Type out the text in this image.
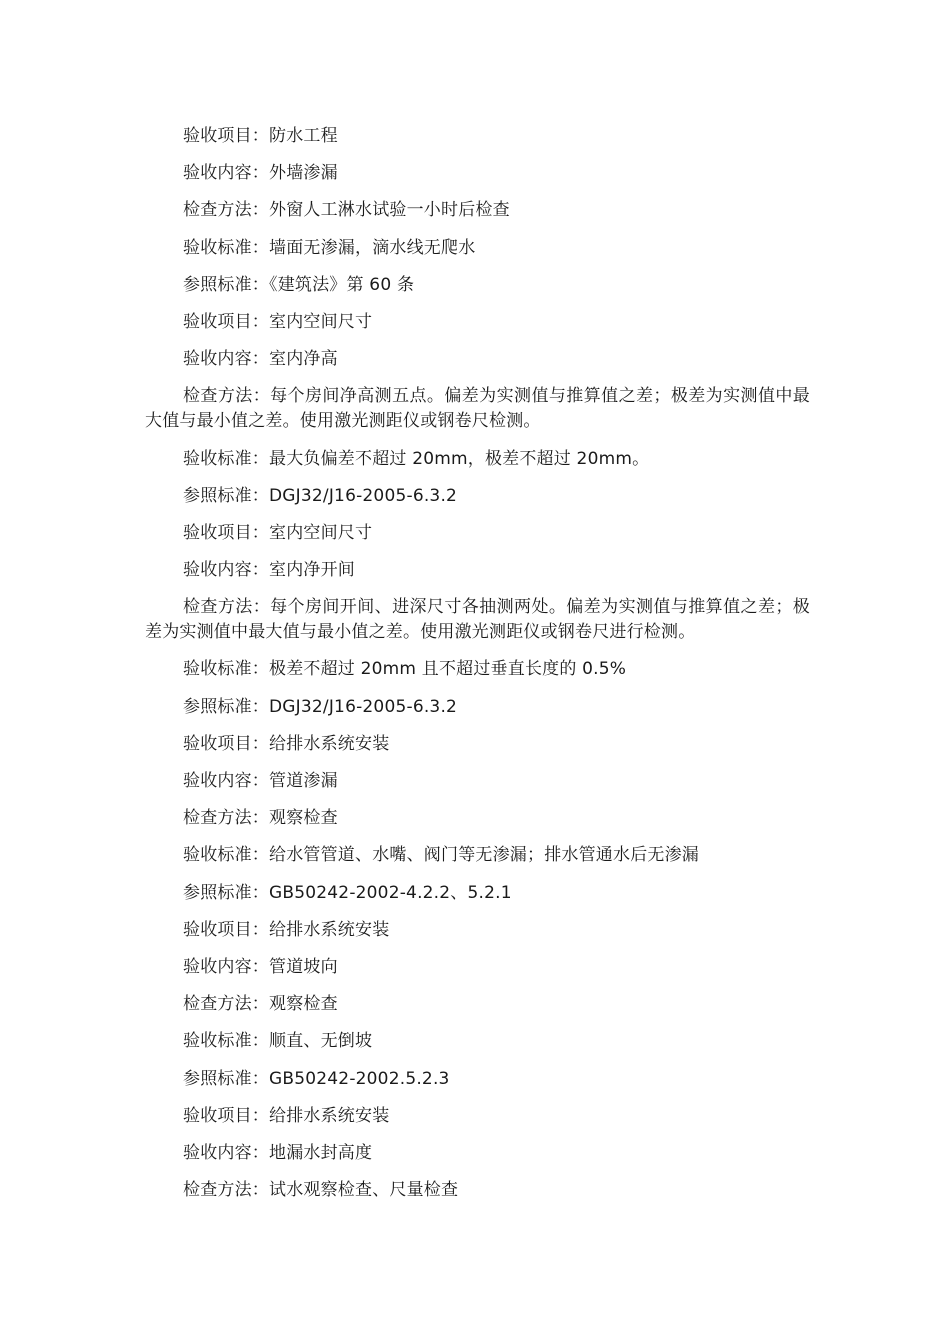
验收项目：防水工程

验收内容：外墙渗漏

检查方法：外窗人工淋水试验一小时后检查

验收标准：墙面无渗漏，滴水线无爬水

参照标准：《建筑法》第 60 条

验收项目：室内空间尺寸

验收内容：室内净高

检查方法：每个房间净高测五点。偏差为实测值与推算值之差；极差为实测值中最大值与最小值之差。使用激光测距仪或钢卷尺检测。

验收标准：最大负偏差不超过 20mm，极差不超过 20mm。

参照标准：DGJ32/J16-2005-6.3.2

验收项目：室内空间尺寸

验收内容：室内净开间

检查方法：每个房间开间、进深尺寸各抽测两处。偏差为实测值与推算值之差；极差为实测值中最大值与最小值之差。使用激光测距仪或钢卷尺进行检测。

验收标准：极差不超过 20mm 且不超过垂直长度的 0.5%

参照标准：DGJ32/J16-2005-6.3.2

验收项目：给排水系统安装

验收内容：管道渗漏

检查方法：观察检查

验收标准：给水管管道、水嘴、阀门等无渗漏；排水管通水后无渗漏

参照标准：GB50242-2002-4.2.2、5.2.1

验收项目：给排水系统安装

验收内容：管道坡向

检查方法：观察检查

验收标准：顺直、无倒坡

参照标准：GB50242-2002.5.2.3

验收项目：给排水系统安装

验收内容：地漏水封高度

检查方法：试水观察检查、尺量检查
